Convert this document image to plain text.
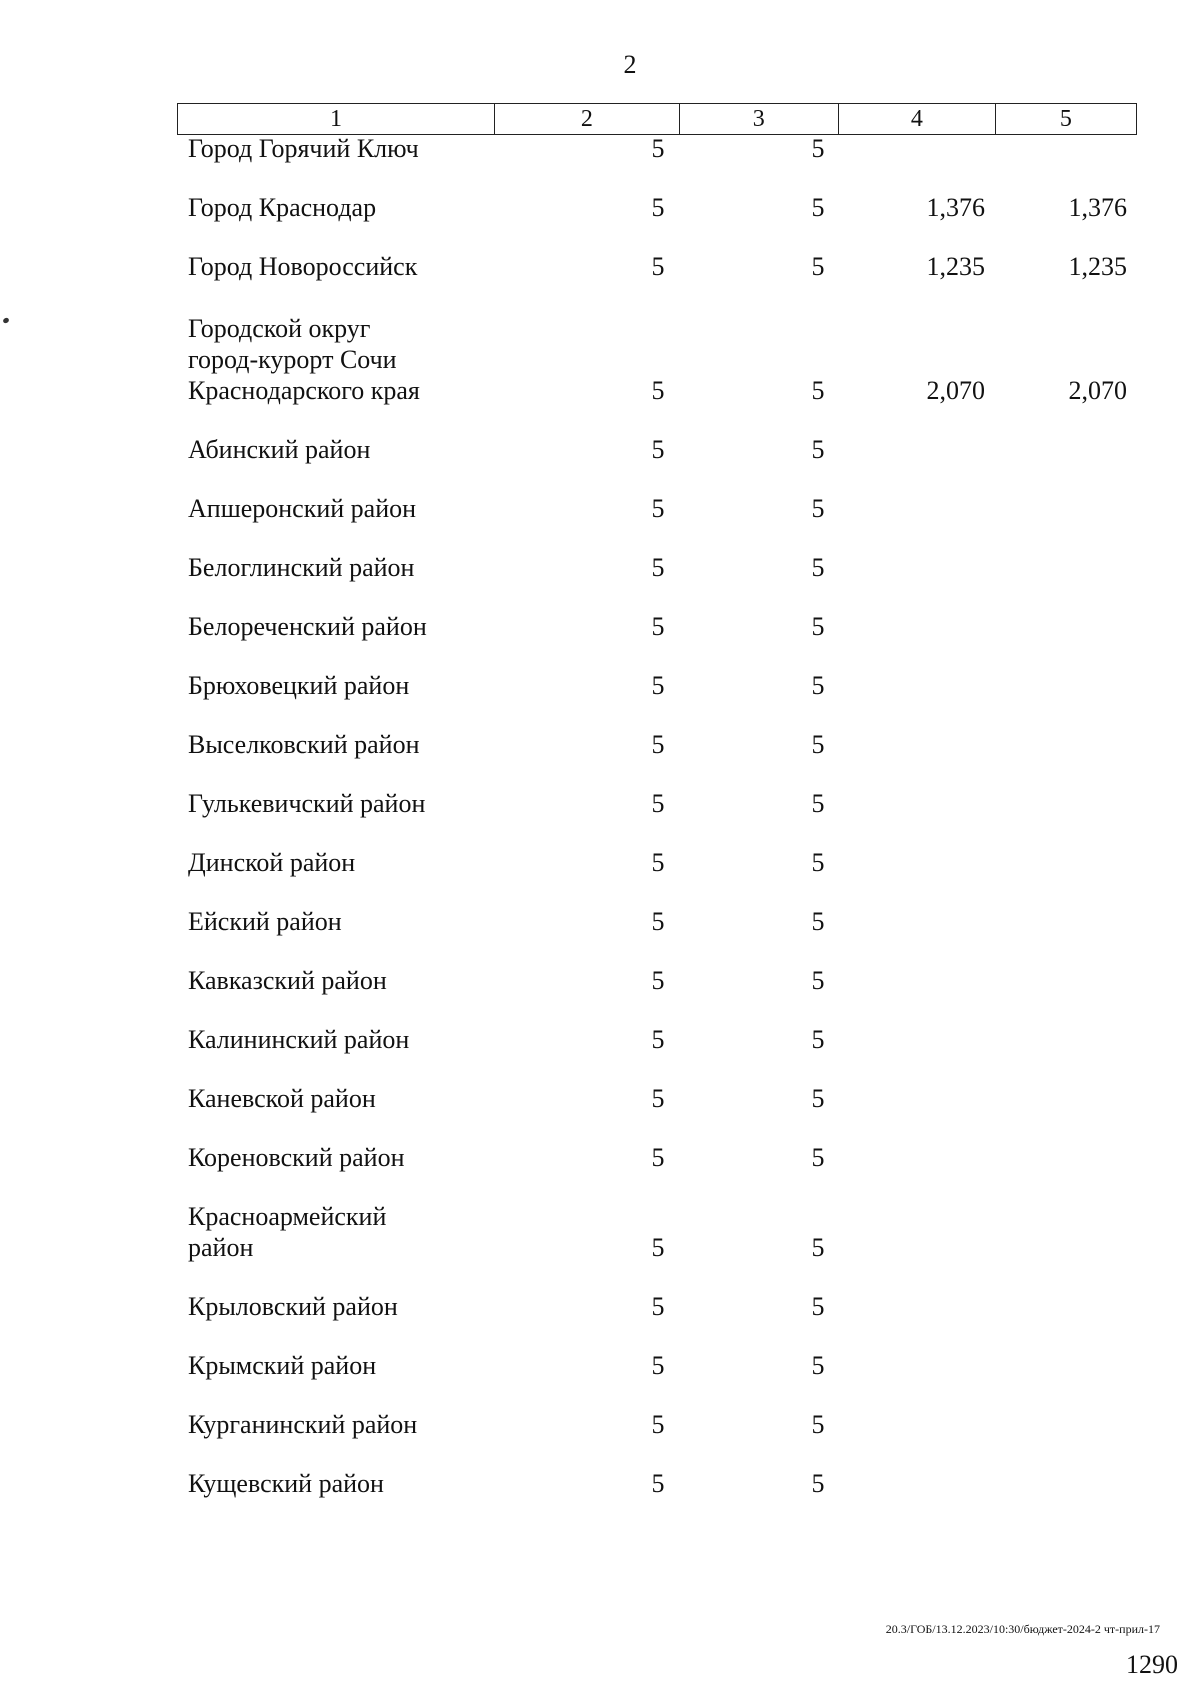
2
1	2	3	4	5
Город Горячий Ключ	5	5
Город Краснодар	5	5	1,376	1,376
Город Новороссийск	5	5	1,235	1,235
Городской округ
город-курорт Сочи
Краснодарского края	5	5	2,070	2,070
Абинский район	5	5
Апшеронский район	5	5
Белоглинский район	5	5
Белореченский район	5	5
Брюховецкий район	5	5
Выселковский район	5	5
Гулькевичский район	5	5
Динской район	5	5
Ейский район	5	5
Кавказский район	5	5
Калининский район	5	5
Каневской район	5	5
Кореновский район	5	5
Красноармейский
район	5	5
Крыловский район	5	5
Крымский район	5	5
Курганинский район	5	5
Кущевский район	5	5
20.3/ГОБ/13.12.2023/10:30/бюджет-2024-2 чт-прил-17
1290
